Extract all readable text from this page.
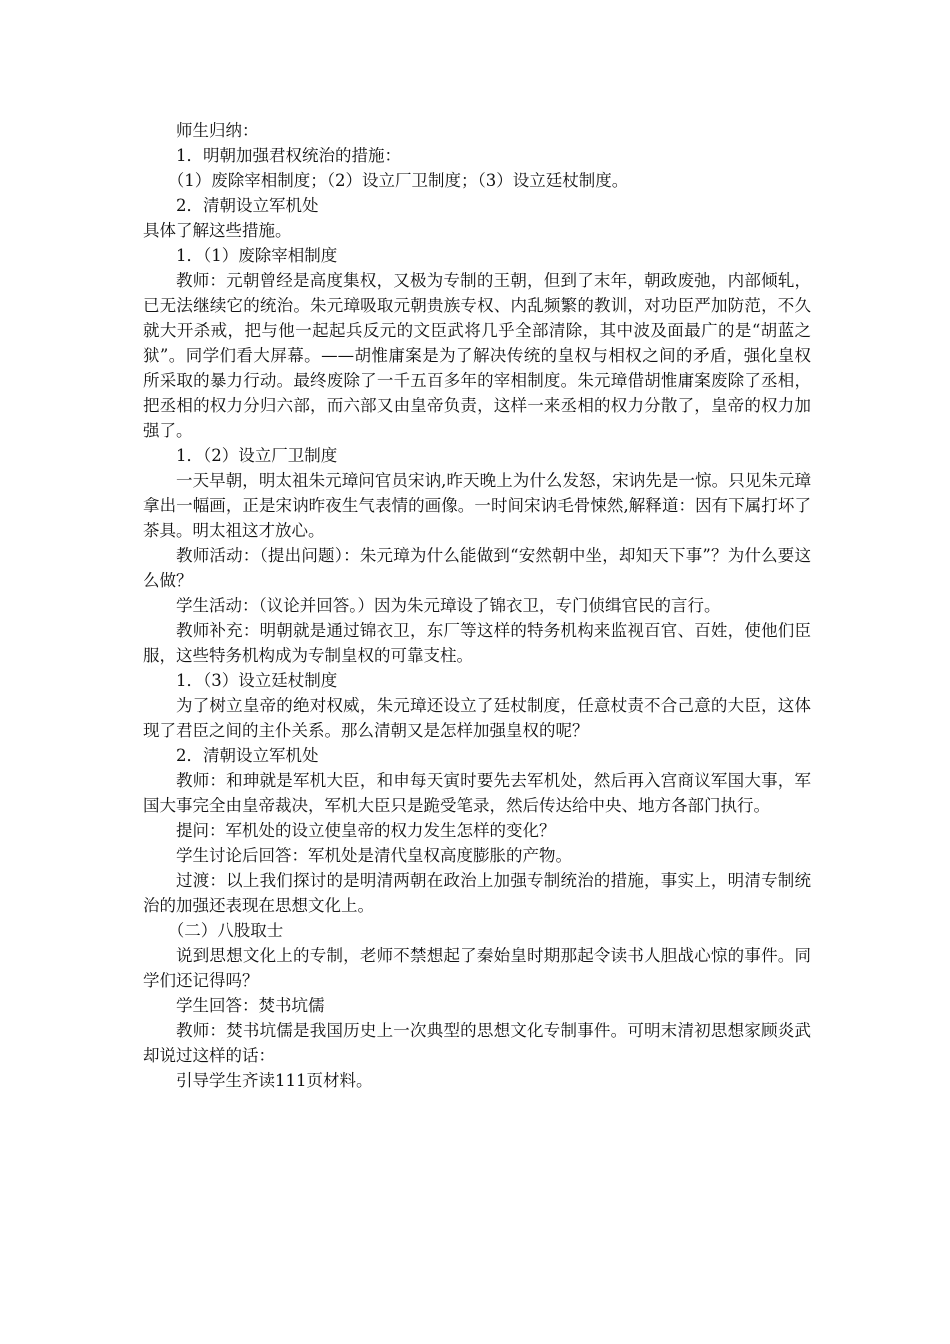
师生归纳：

1．明朝加强君权统治的措施：

（1）废除宰相制度；（2）设立厂卫制度；（3）设立廷杖制度。

2．清朝设立军机处

具体了解这些措施。

1．（1）废除宰相制度

教师：元朝曾经是高度集权，又极为专制的王朝，但到了末年，朝政废弛，内部倾轧，已无法继续它的统治。朱元璋吸取元朝贵族专权、内乱频繁的教训，对功臣严加防范，不久就大开杀戒，把与他一起起兵反元的文臣武将几乎全部清除，其中波及面最广的是“胡蓝之狱”。同学们看大屏幕。——胡惟庸案是为了解决传统的皇权与相权之间的矛盾，强化皇权所采取的暴力行动。最终废除了一千五百多年的宰相制度。朱元璋借胡惟庸案废除了丞相，把丞相的权力分归六部，而六部又由皇帝负责，这样一来丞相的权力分散了，皇帝的权力加强了。

1．（2）设立厂卫制度

一天早朝，明太祖朱元璋问官员宋讷,昨天晚上为什么发怒，宋讷先是一惊。只见朱元璋拿出一幅画，正是宋讷昨夜生气表情的画像。一时间宋讷毛骨悚然,解释道：因有下属打坏了茶具。明太祖这才放心。

教师活动：（提出问题）：朱元璋为什么能做到“安然朝中坐，却知天下事”？为什么要这么做？

学生活动：（议论并回答。）因为朱元璋设了锦衣卫，专门侦缉官民的言行。

教师补充：明朝就是通过锦衣卫，东厂等这样的特务机构来监视百官、百姓，使他们臣服，这些特务机构成为专制皇权的可靠支柱。

1．（3）设立廷杖制度

为了树立皇帝的绝对权威，朱元璋还设立了廷杖制度，任意杖责不合己意的大臣，这体现了君臣之间的主仆关系。那么清朝又是怎样加强皇权的呢？

2．清朝设立军机处

教师：和珅就是军机大臣，和申每天寅时要先去军机处，然后再入宫商议军国大事，军国大事完全由皇帝裁决，军机大臣只是跪受笔录，然后传达给中央、地方各部门执行。

提问：军机处的设立使皇帝的权力发生怎样的变化？

学生讨论后回答：军机处是清代皇权高度膨胀的产物。

过渡：以上我们探讨的是明清两朝在政治上加强专制统治的措施，事实上，明清专制统治的加强还表现在思想文化上。

（二）八股取士

说到思想文化上的专制，老师不禁想起了秦始皇时期那起令读书人胆战心惊的事件。同学们还记得吗？

学生回答：焚书坑儒

教师：焚书坑儒是我国历史上一次典型的思想文化专制事件。可明末清初思想家顾炎武却说过这样的话：

引导学生齐读111页材料。
